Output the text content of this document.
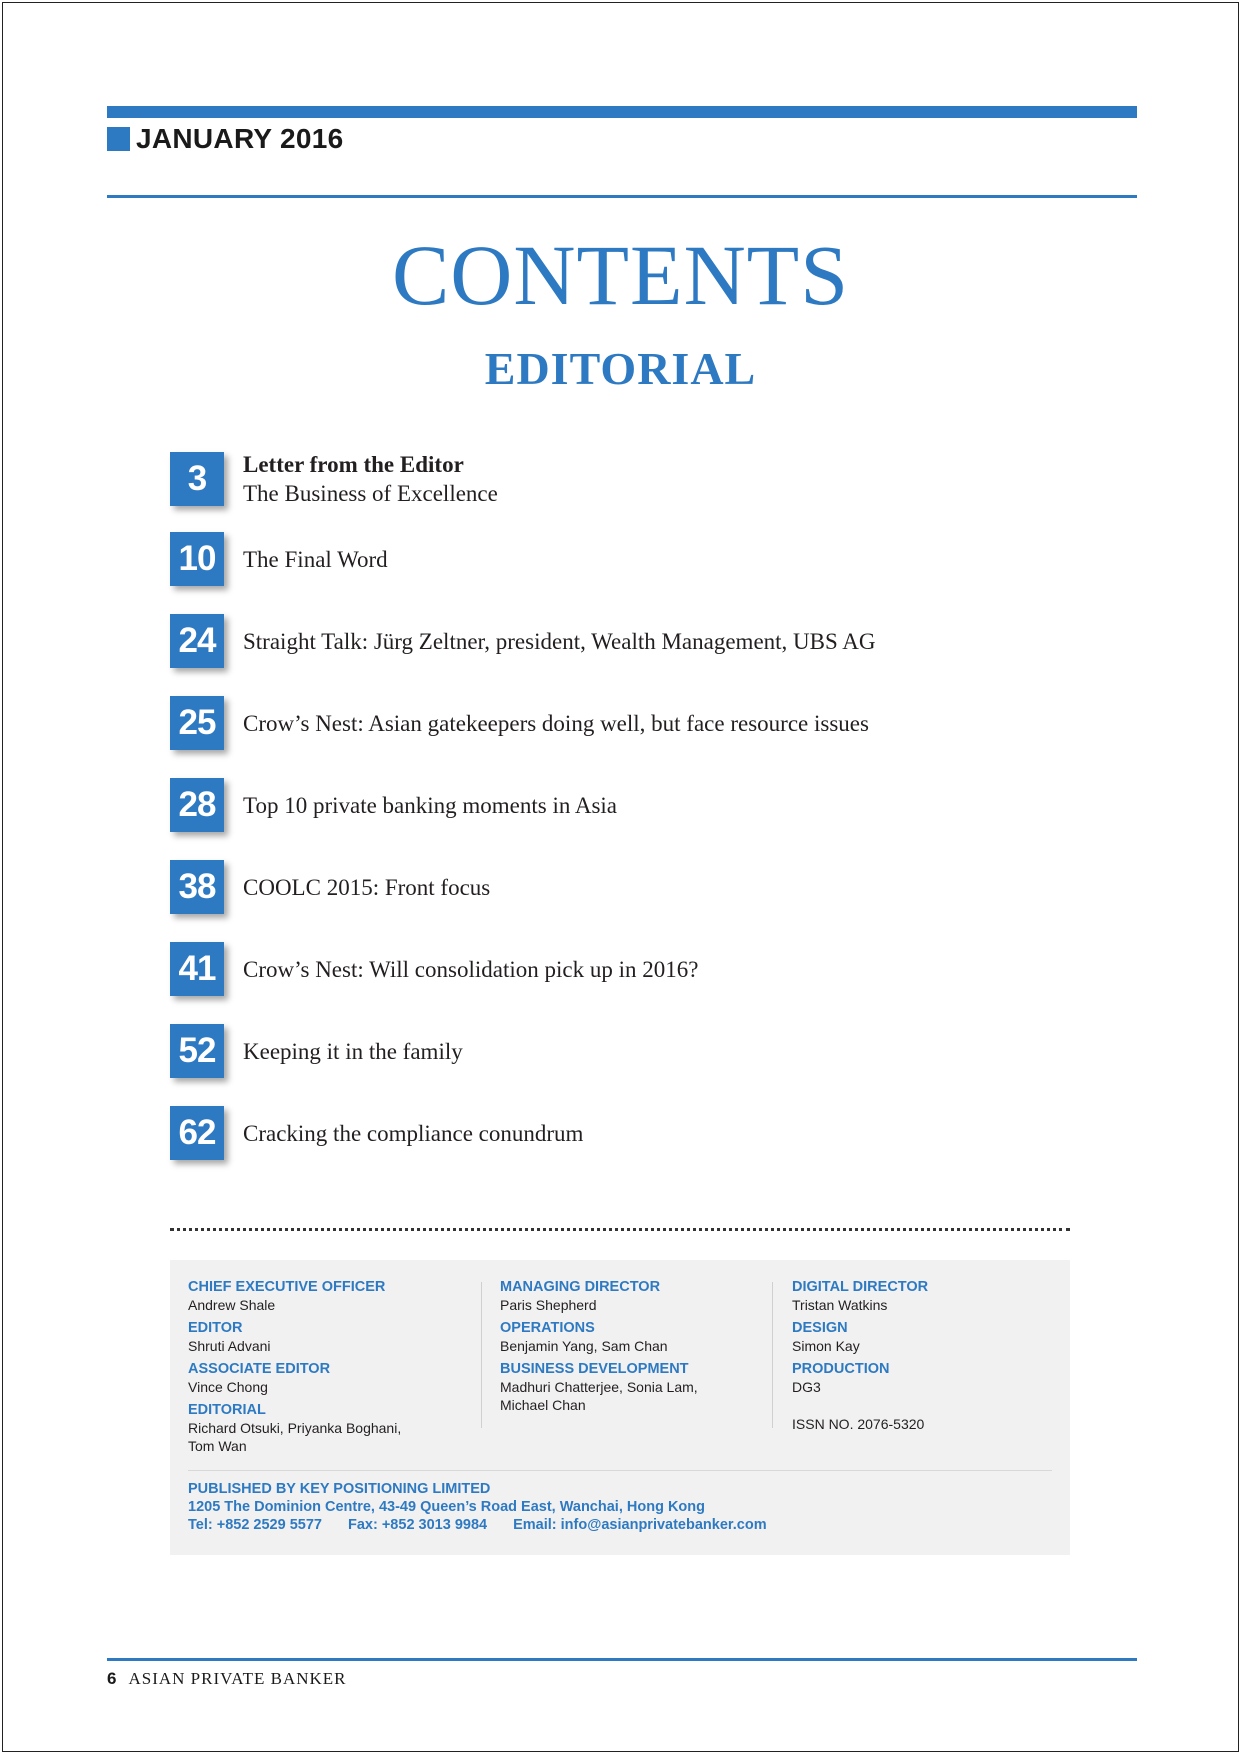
JANUARY 2016
CONTENTS
EDITORIAL
3	Letter from the Editor
The Business of Excellence
10	The Final Word
24	Straight Talk: Jürg Zeltner, president, Wealth Management, UBS AG
25	Crow’s Nest: Asian gatekeepers doing well, but face resource issues
28	Top 10 private banking moments in Asia
38	COOLC 2015: Front focus
41	Crow’s Nest: Will consolidation pick up in 2016?
52	Keeping it in the family
62	Cracking the compliance conundrum
CHIEF EXECUTIVE OFFICER
Andrew Shale
EDITOR
Shruti Advani
ASSOCIATE EDITOR
Vince Chong
EDITORIAL
Richard Otsuki, Priyanka Boghani,
Tom Wan
MANAGING DIRECTOR
Paris Shepherd
OPERATIONS
Benjamin Yang, Sam Chan
BUSINESS DEVELOPMENT
Madhuri Chatterjee, Sonia Lam,
Michael Chan
DIGITAL DIRECTOR
Tristan Watkins
DESIGN
Simon Kay
PRODUCTION
DG3
ISSN NO. 2076-5320
PUBLISHED BY KEY POSITIONING LIMITED
1205 The Dominion Centre, 43-49 Queen’s Road East, Wanchai, Hong Kong
Tel: +852 2529 5577 Fax: +852 3013 9984 Email: info@asianprivatebanker.com
6 ASIAN PRIVATE BANKER
